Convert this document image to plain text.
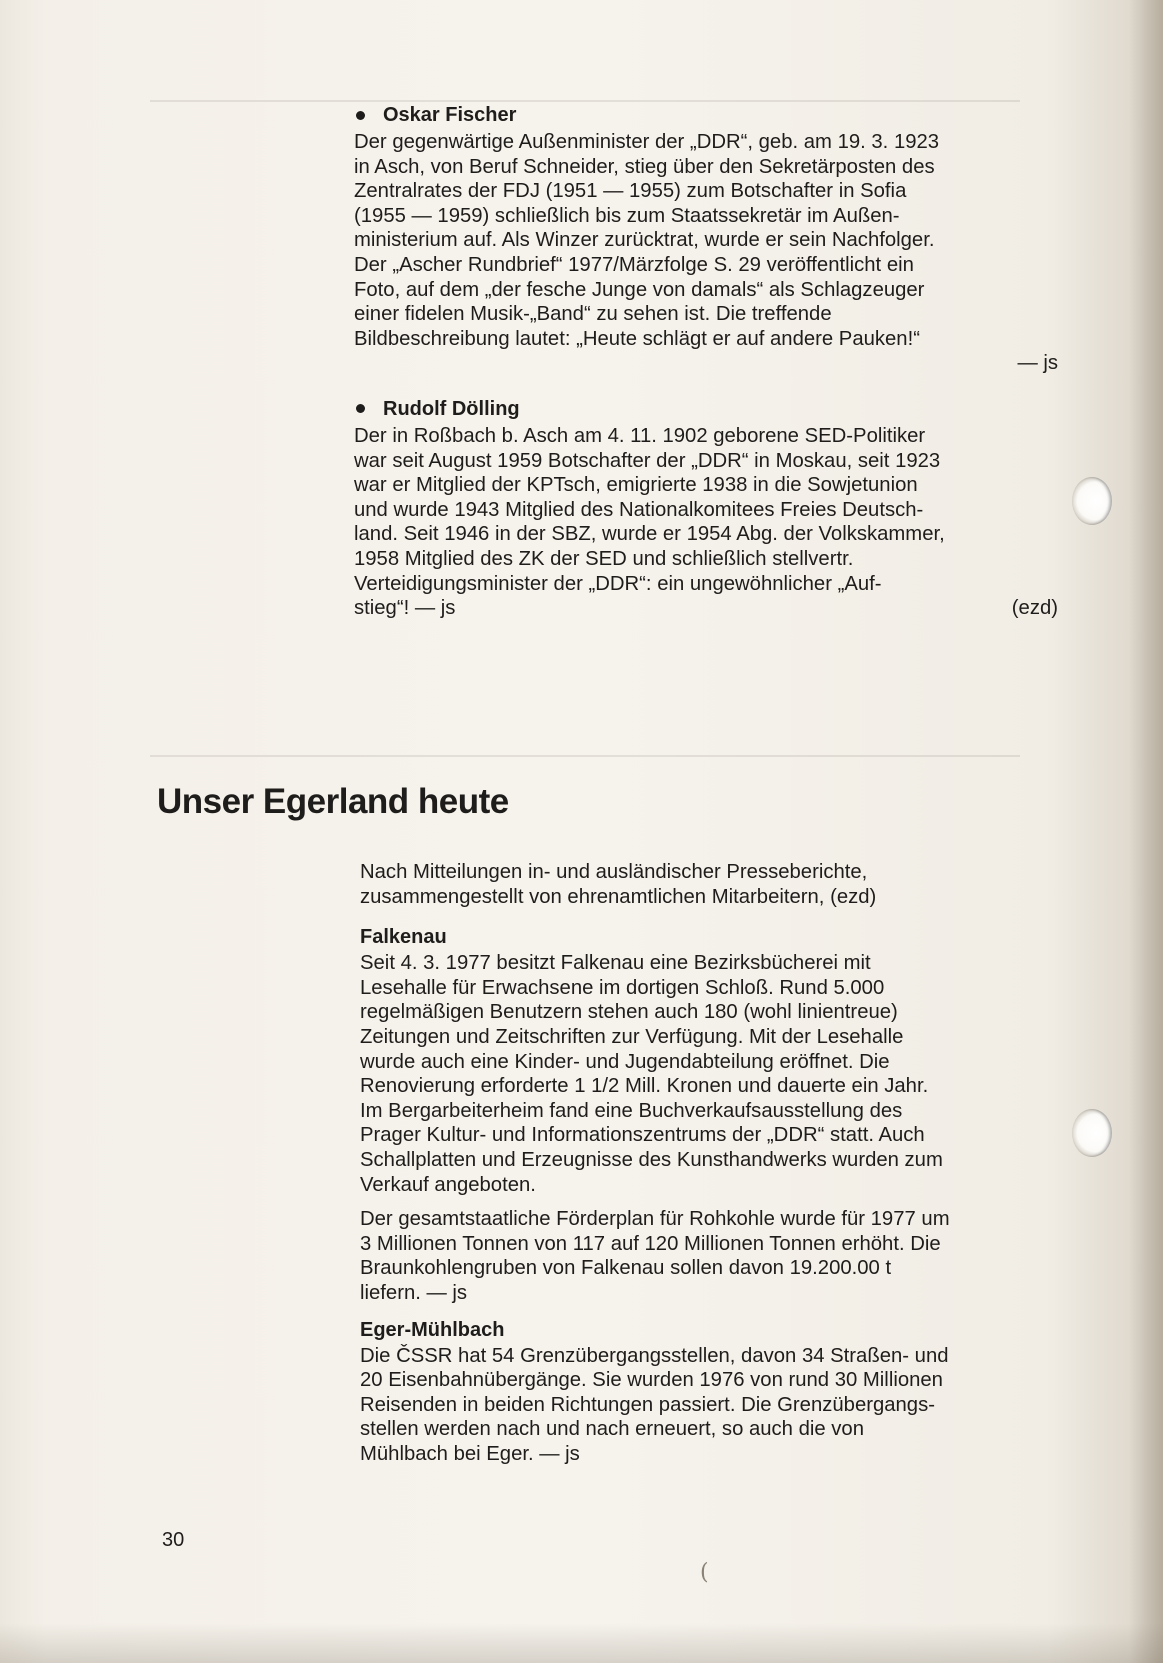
Oskar Fischer

Der gegenwärtige Außenminister der „DDR“, geb. am 19. 3. 1923

in Asch, von Beruf Schneider, stieg über den Sekretärposten des

Zentralrates der FDJ (1951 — 1955) zum Botschafter in Sofia

(1955 — 1959) schließlich bis zum Staatssekretär im Außen-

ministerium auf. Als Winzer zurücktrat, wurde er sein Nachfolger.

Der „Ascher Rundbrief“ 1977/Märzfolge S. 29 veröffentlicht ein

Foto, auf dem „der fesche Junge von damals“ als Schlagzeuger

einer fidelen Musik-„Band“ zu sehen ist. Die treffende

Bildbeschreibung lautet: „Heute schlägt er auf andere Pauken!“

— js

Rudolf Dölling

Der in Roßbach b. Asch am 4. 11. 1902 geborene SED-Politiker

war seit August 1959 Botschafter der „DDR“ in Moskau, seit 1923

war er Mitglied der KPTsch, emigrierte 1938 in die Sowjetunion

und wurde 1943 Mitglied des Nationalkomitees Freies Deutsch-

land. Seit 1946 in der SBZ, wurde er 1954 Abg. der Volkskammer,

1958 Mitglied des ZK der SED und schließlich stellvertr.

Verteidigungsminister der „DDR“: ein ungewöhnlicher „Auf-

stieg“! — js	(ezd)
Unser Egerland heute

Nach Mitteilungen in- und ausländischer Presseberichte,

zusammengestellt von ehrenamtlichen Mitarbeitern, (ezd)

Falkenau

Seit 4. 3. 1977 besitzt Falkenau eine Bezirksbücherei mit

Lesehalle für Erwachsene im dortigen Schloß. Rund 5.000

regelmäßigen Benutzern stehen auch 180 (wohl linientreue)

Zeitungen und Zeitschriften zur Verfügung. Mit der Lesehalle

wurde auch eine Kinder- und Jugendabteilung eröffnet. Die

Renovierung erforderte 1 1/2 Mill. Kronen und dauerte ein Jahr.

Im Bergarbeiterheim fand eine Buchverkaufsausstellung des

Prager Kultur- und Informationszentrums der „DDR“ statt. Auch

Schallplatten und Erzeugnisse des Kunsthandwerks wurden zum

Verkauf angeboten.

Der gesamtstaatliche Förderplan für Rohkohle wurde für 1977 um

3 Millionen Tonnen von 117 auf 120 Millionen Tonnen erhöht. Die

Braunkohlengruben von Falkenau sollen davon 19.200.00 t

liefern. — js

Eger-Mühlbach

Die ČSSR hat 54 Grenzübergangsstellen, davon 34 Straßen- und

20 Eisenbahnübergänge. Sie wurden 1976 von rund 30 Millionen

Reisenden in beiden Richtungen passiert. Die Grenzübergangs-

stellen werden nach und nach erneuert, so auch die von

Mühlbach bei Eger. — js

30
(
